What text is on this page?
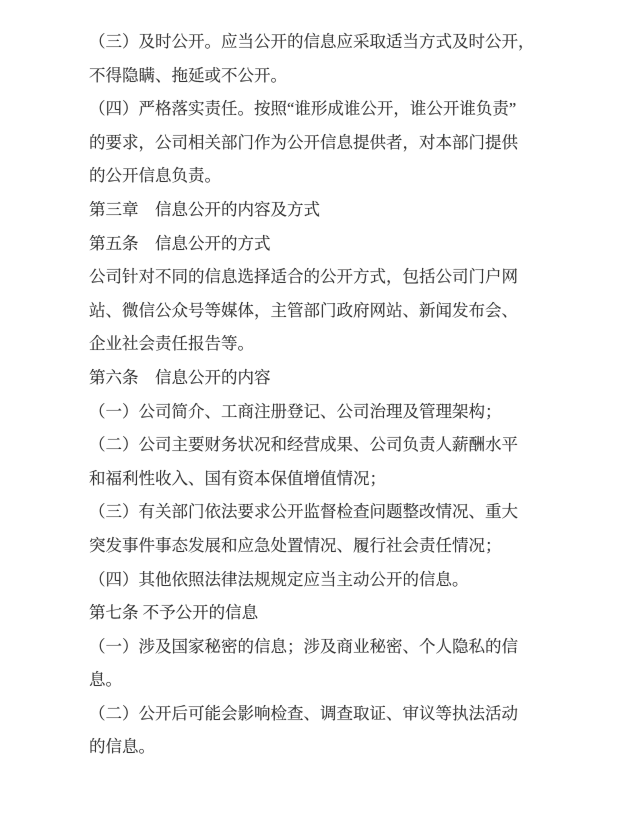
（三）及时公开。应当公开的信息应采取适当方式及时公开，
不得隐瞒、拖延或不公开。
（四）严格落实责任。按照“谁形成谁公开，谁公开谁负责”
的要求，公司相关部门作为公开信息提供者，对本部门提供
的公开信息负责。
第三章　信息公开的内容及方式
第五条　信息公开的方式
公司针对不同的信息选择适合的公开方式，包括公司门户网
站、微信公众号等媒体，主管部门政府网站、新闻发布会、
企业社会责任报告等。
第六条　信息公开的内容
（一）公司简介、工商注册登记、公司治理及管理架构；
（二）公司主要财务状况和经营成果、公司负责人薪酬水平
和福利性收入、国有资本保值增值情况；
（三）有关部门依法要求公开监督检查问题整改情况、重大
突发事件事态发展和应急处置情况、履行社会责任情况；
（四）其他依照法律法规规定应当主动公开的信息。
第七条 不予公开的信息
（一）涉及国家秘密的信息；涉及商业秘密、个人隐私的信
息。
（二）公开后可能会影响检查、调查取证、审议等执法活动
的信息。
